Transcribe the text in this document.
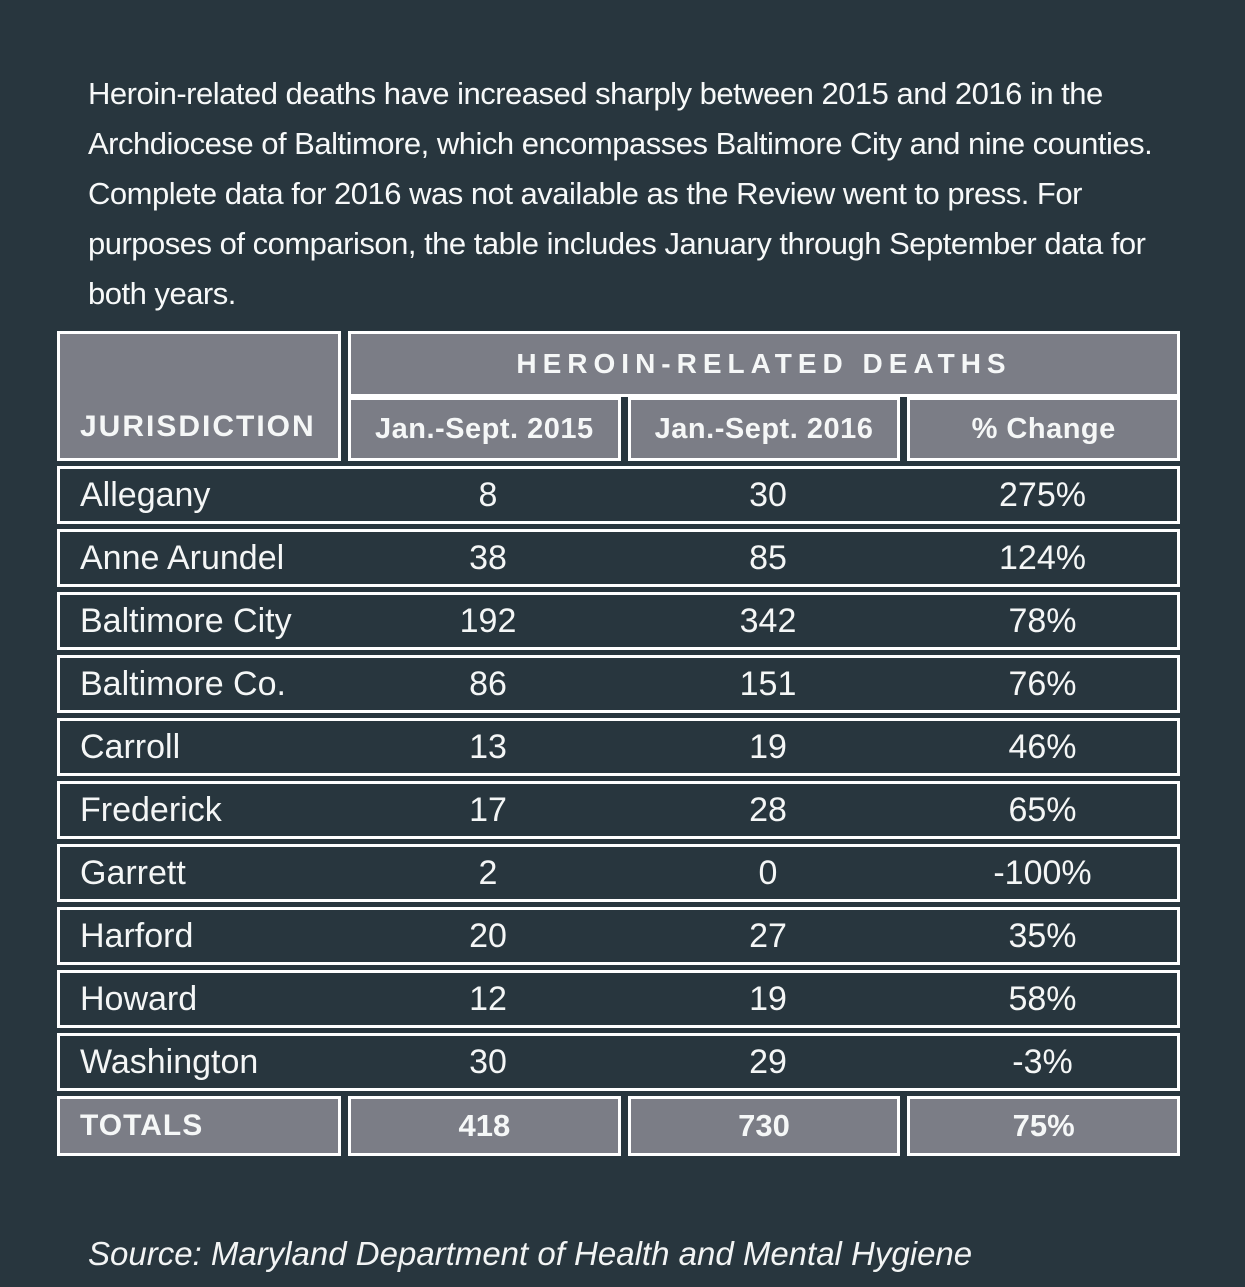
Heroin-related deaths have increased sharply between 2015 and 2016 in the Archdiocese of Baltimore, which encompasses Baltimore City and nine counties. Complete data for 2016 was not available as the Review went to press. For purposes of comparison, the table includes January through September data for both years.

JURISDICTION
HEROIN-RELATED DEATHS
Jan.-Sept. 2015	Jan.-Sept. 2016	% Change
Allegany	8	30	275%
Anne Arundel	38	85	124%
Baltimore City	192	342	78%
Baltimore Co.	86	151	76%
Carroll	13	19	46%
Frederick	17	28	65%
Garrett	2	0	-100%
Harford	20	27	35%
Howard	12	19	58%
Washington	30	29	-3%
TOTALS	418	730	75%

Source: Maryland Department of Health and Mental Hygiene
